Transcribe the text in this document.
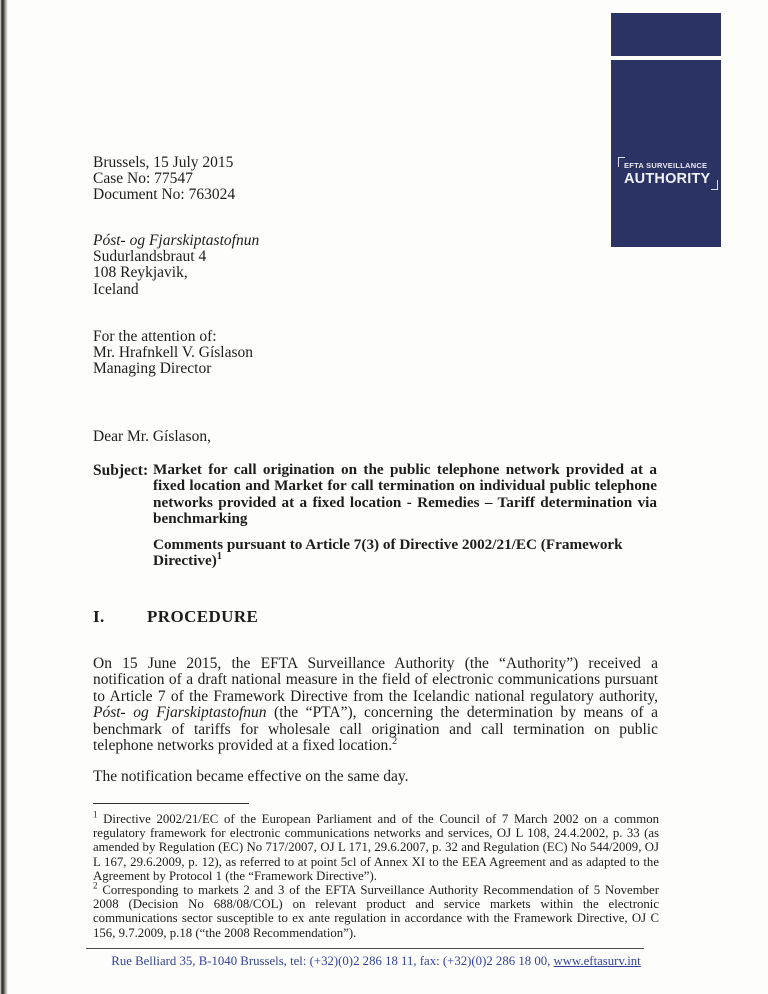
EFTA SURVEILLANCE
AUTHORITY
Brussels, 15 July 2015
Case No: 77547
Document No: 763024
Póst- og Fjarskiptastofnun
Sudurlandsbraut 4
108 Reykjavik,
Iceland
For the attention of:
Mr. Hrafnkell V. Gíslason
Managing Director
Dear Mr. Gíslason,
Subject: Market for call origination on the public telephone network provided at a fixed location and Market for call termination on individual public telephone networks provided at a fixed location - Remedies – Tariff determination via benchmarking
Comments pursuant to Article 7(3) of Directive 2002/21/EC (Framework Directive)$^1$
I. PROCEDURE
On 15 June 2015, the EFTA Surveillance Authority (the “Authority”) received a notification of a draft national measure in the field of electronic communications pursuant to Article 7 of the Framework Directive from the Icelandic national regulatory authority, Póst- og Fjarskiptastofnun (the “PTA”), concerning the determination by means of a benchmark of tariffs for wholesale call origination and call termination on public telephone networks provided at a fixed location.$^2$
The notification became effective on the same day.

$^1$ Directive 2002/21/EC of the European Parliament and of the Council of 7 March 2002 on a common regulatory framework for electronic communications networks and services, OJ L 108, 24.4.2002, p. 33 (as amended by Regulation (EC) No 717/2007, OJ L 171, 29.6.2007, p. 32 and Regulation (EC) No 544/2009, OJ L 167, 29.6.2009, p. 12), as referred to at point 5cl of Annex XI to the EEA Agreement and as adapted to the Agreement by Protocol 1 (the “Framework Directive”).

$^2$ Corresponding to markets 2 and 3 of the EFTA Surveillance Authority Recommendation of 5 November 2008 (Decision No 688/08/COL) on relevant product and service markets within the electronic communications sector susceptible to ex ante regulation in accordance with the Framework Directive, OJ C 156, 9.7.2009, p.18 (“the 2008 Recommendation”).

Rue Belliard 35, B-1040 Brussels, tel: (+32)(0)2 286 18 11, fax: (+32)(0)2 286 18 00, www.eftasurv.int
